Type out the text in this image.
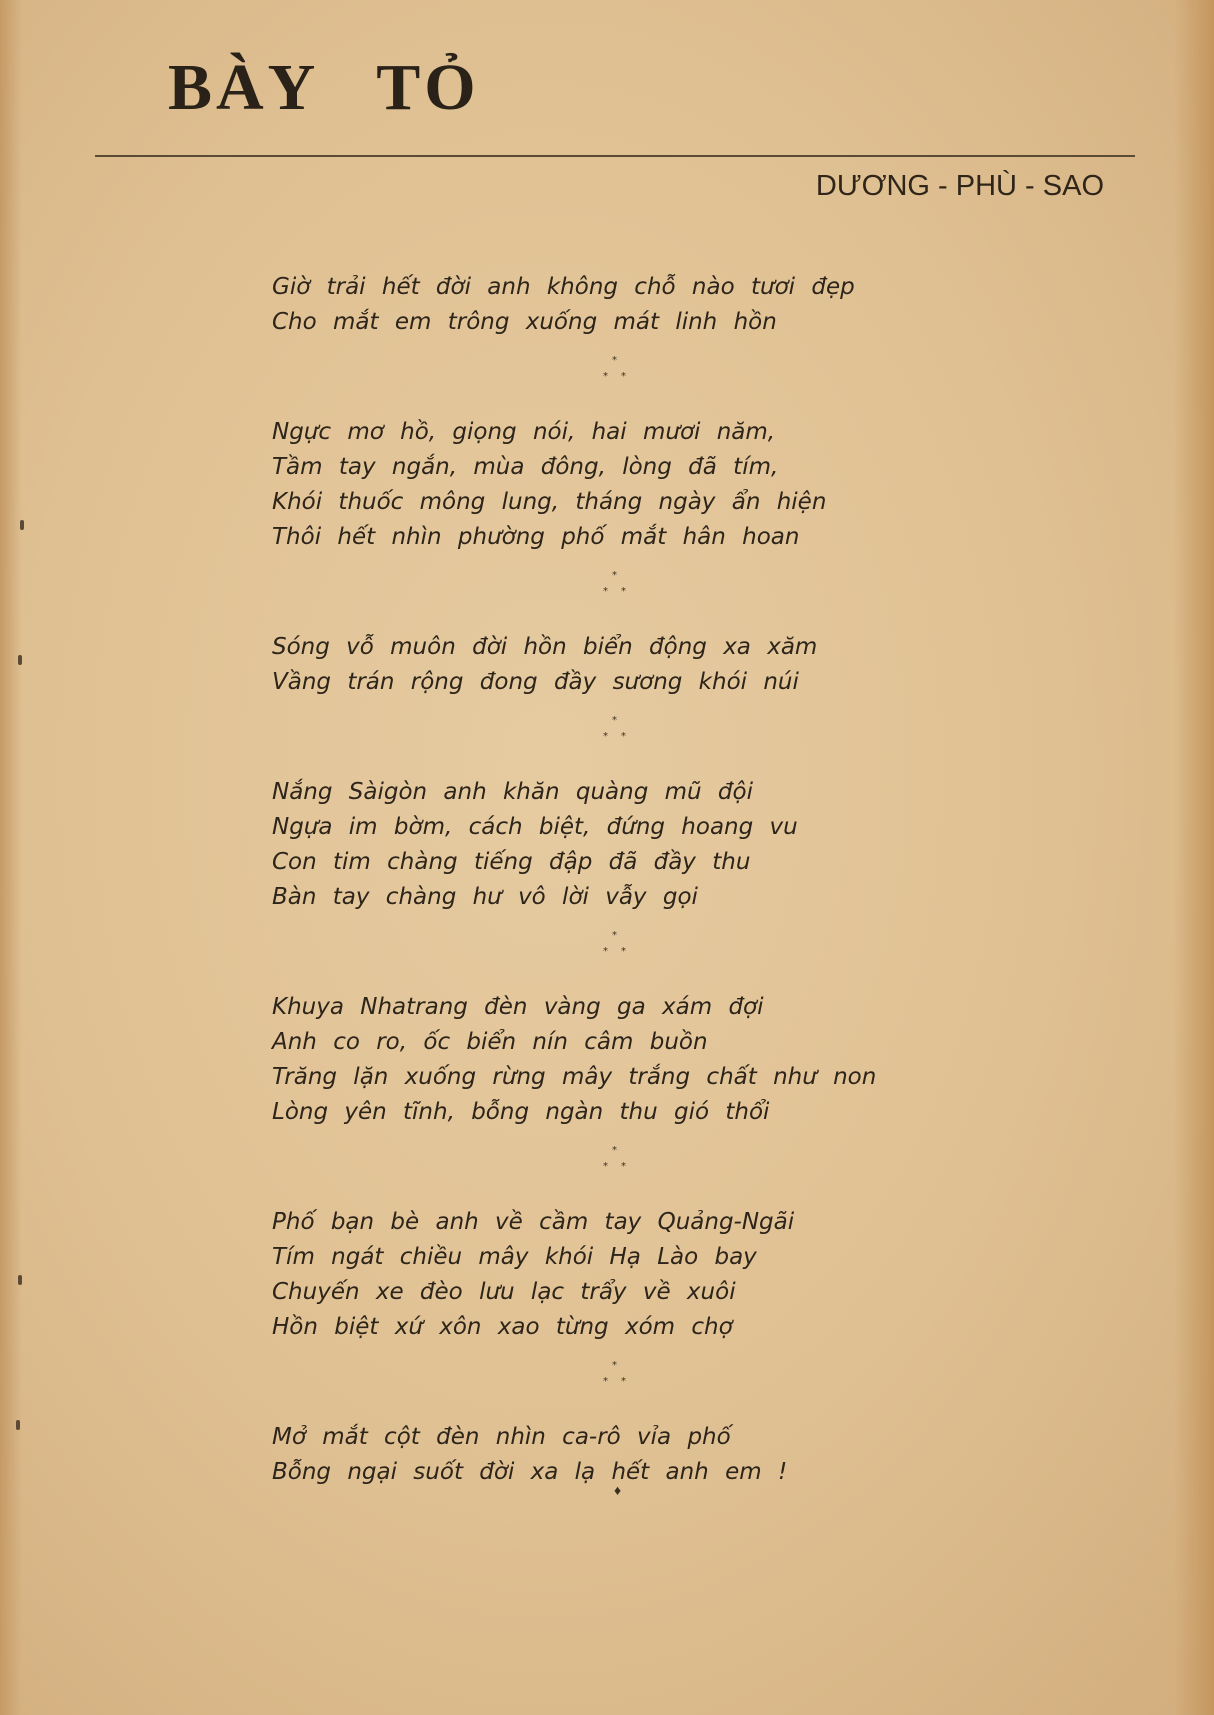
BÀY TỎ
DƯƠNG - PHÙ - SAO
Giờ trải hết đời anh không chỗ nào tươi đẹp
Cho mắt em trông xuống mát linh hồn
*
* *
Ngực mơ hồ, giọng nói, hai mươi năm,
Tầm tay ngắn, mùa đông, lòng đã tím,
Khói thuốc mông lung, tháng ngày ẩn hiện
Thôi hết nhìn phường phố mắt hân hoan
*
* *
Sóng vỗ muôn đời hồn biển động xa xăm
Vầng trán rộng đong đầy sương khói núi
*
* *
Nắng Sàigòn anh khăn quàng mũ đội
Ngựa im bờm, cách biệt, đứng hoang vu
Con tim chàng tiếng đập đã đầy thu
Bàn tay chàng hư vô lời vẫy gọi
*
* *
Khuya Nhatrang đèn vàng ga xám đợi
Anh co ro, ốc biển nín câm buồn
Trăng lặn xuống rừng mây trắng chất như non
Lòng yên tĩnh, bỗng ngàn thu gió thổi
*
* *
Phố bạn bè anh về cầm tay Quảng-Ngãi
Tím ngát chiều mây khói Hạ Lào bay
Chuyến xe đèo lưu lạc trẩy về xuôi
Hồn biệt xứ xôn xao từng xóm chợ
*
* *
Mở mắt cột đèn nhìn ca-rô vỉa phố
Bỗng ngại suốt đời xa lạ hết anh em !
♦
